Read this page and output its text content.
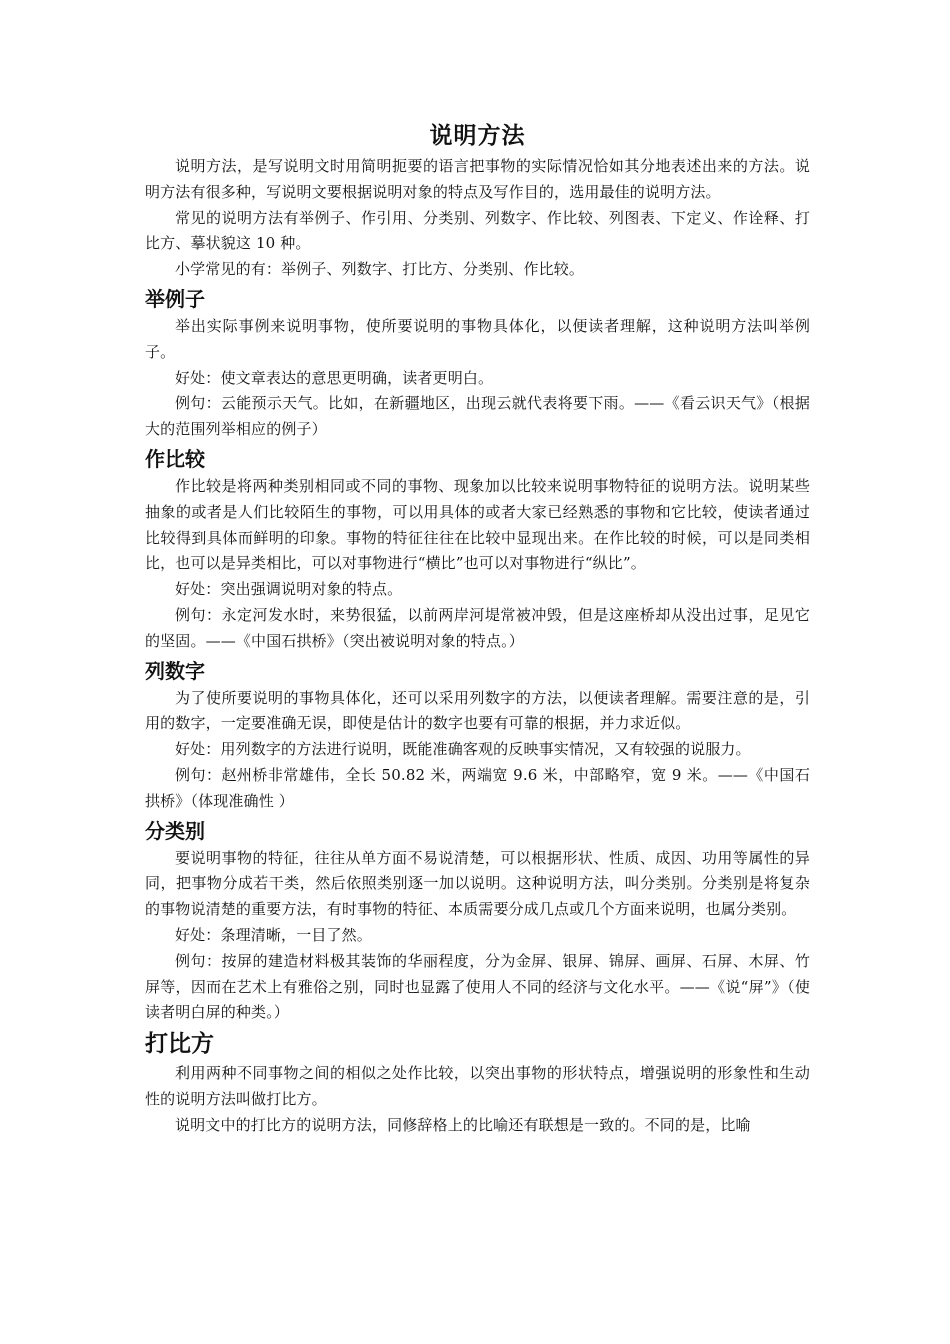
说明方法

说明方法，是写说明文时用简明扼要的语言把事物的实际情况恰如其分地表述出来的方法。说明方法有很多种，写说明文要根据说明对象的特点及写作目的，选用最佳的说明方法。

常见的说明方法有举例子、作引用、分类别、列数字、作比较、列图表、下定义、作诠释、打比方、摹状貌这 10 种。

小学常见的有：举例子、列数字、打比方、分类别、作比较。

举例子

举出实际事例来说明事物，使所要说明的事物具体化，以便读者理解，这种说明方法叫举例子。

好处：使文章表达的意思更明确，读者更明白。

例句：云能预示天气。比如，在新疆地区，出现云就代表将要下雨。——《看云识天气》（根据大的范围列举相应的例子）

作比较

作比较是将两种类别相同或不同的事物、现象加以比较来说明事物特征的说明方法。说明某些抽象的或者是人们比较陌生的事物，可以用具体的或者大家已经熟悉的事物和它比较，使读者通过比较得到具体而鲜明的印象。事物的特征往往在比较中显现出来。在作比较的时候，可以是同类相比，也可以是异类相比，可以对事物进行“横比”也可以对事物进行“纵比”。

好处：突出强调说明对象的特点。

例句：永定河发水时，来势很猛，以前两岸河堤常被冲毁，但是这座桥却从没出过事，足见它的坚固。——《中国石拱桥》（突出被说明对象的特点。）

列数字

为了使所要说明的事物具体化，还可以采用列数字的方法，以便读者理解。需要注意的是，引用的数字，一定要准确无误，即使是估计的数字也要有可靠的根据，并力求近似。

好处：用列数字的方法进行说明，既能准确客观的反映事实情况，又有较强的说服力。

例句：赵州桥非常雄伟，全长 50.82 米，两端宽 9.6 米，中部略窄，宽 9 米。——《中国石拱桥》（体现准确性 ）

分类别

要说明事物的特征，往往从单方面不易说清楚，可以根据形状、性质、成因、功用等属性的异同，把事物分成若干类，然后依照类别逐一加以说明。这种说明方法，叫分类别。分类别是将复杂的事物说清楚的重要方法，有时事物的特征、本质需要分成几点或几个方面来说明，也属分类别。

好处：条理清晰，一目了然。

例句：按屏的建造材料极其装饰的华丽程度，分为金屏、银屏、锦屏、画屏、石屏、木屏、竹屏等，因而在艺术上有雅俗之别，同时也显露了使用人不同的经济与文化水平。——《说“屏”》（使读者明白屏的种类。）

打比方

利用两种不同事物之间的相似之处作比较，以突出事物的形状特点，增强说明的形象性和生动性的说明方法叫做打比方。

说明文中的打比方的说明方法，同修辞格上的比喻还有联想是一致的。不同的是，比喻
